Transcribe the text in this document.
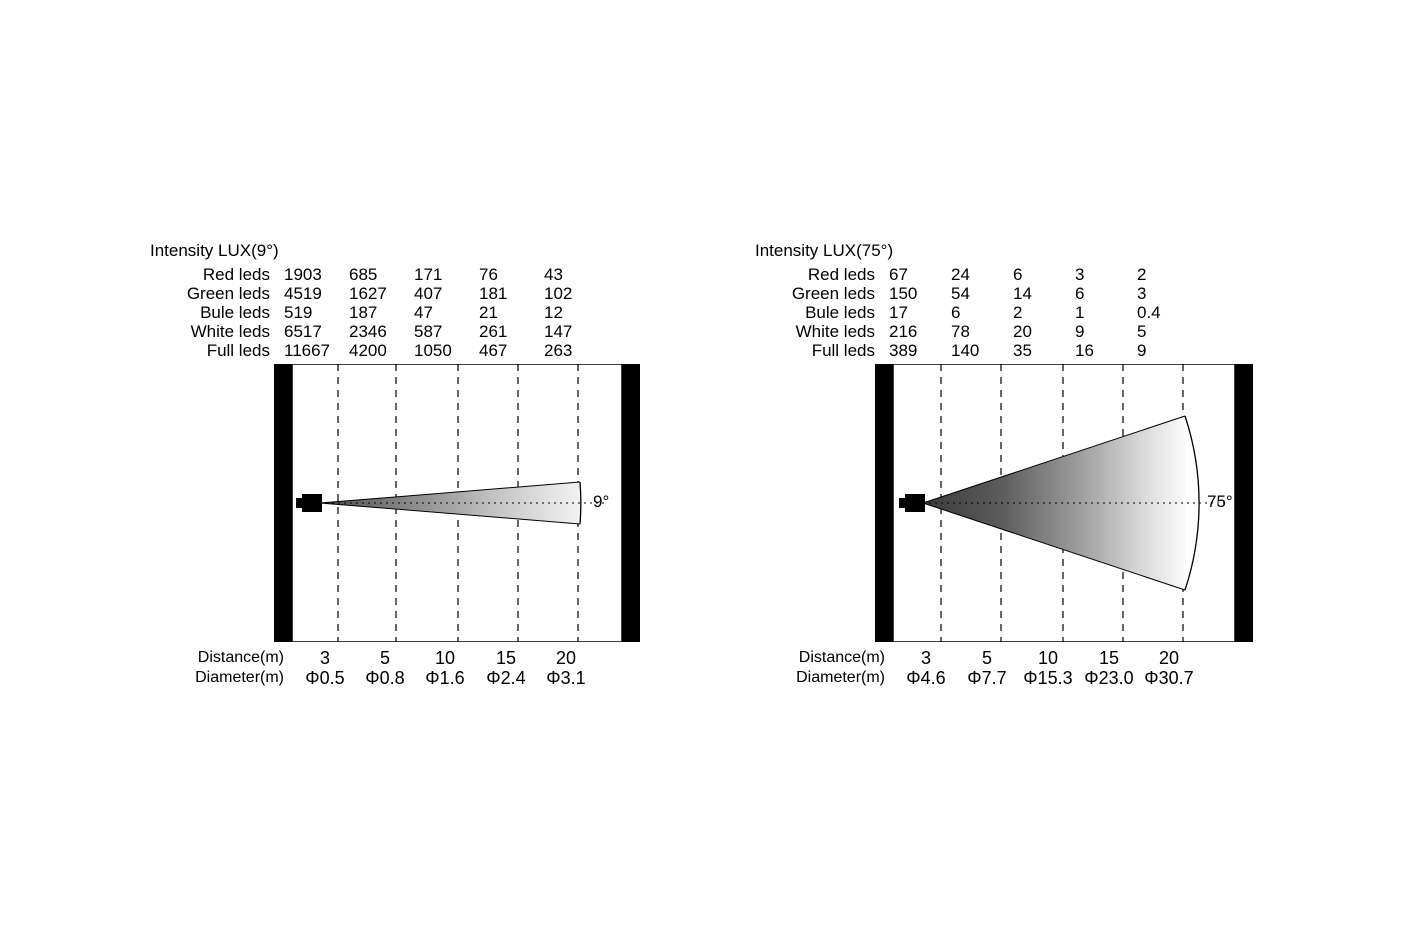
Intensity LUX(9°)
Red leds	1903	685	171	76	43
Green leds	4519	1627	407	181	102
Bule leds	519	187	47	21	12
White leds	6517	2346	587	261	147
Full leds	11667	4200	1050	467	263
9°
Distance(m)	3	5	10	15	20
Diameter(m)	Φ0.5	Φ0.8	Φ1.6	Φ2.4	Φ3.1
Intensity LUX(75°)
Red leds	67	24	6	3	2
Green leds	150	54	14	6	3
Bule leds	17	6	2	1	0.4
White leds	216	78	20	9	5
Full leds	389	140	35	16	9
75°
Distance(m)	3	5	10	15	20
Diameter(m)	Φ4.6	Φ7.7	Φ15.3	Φ23.0	Φ30.7
